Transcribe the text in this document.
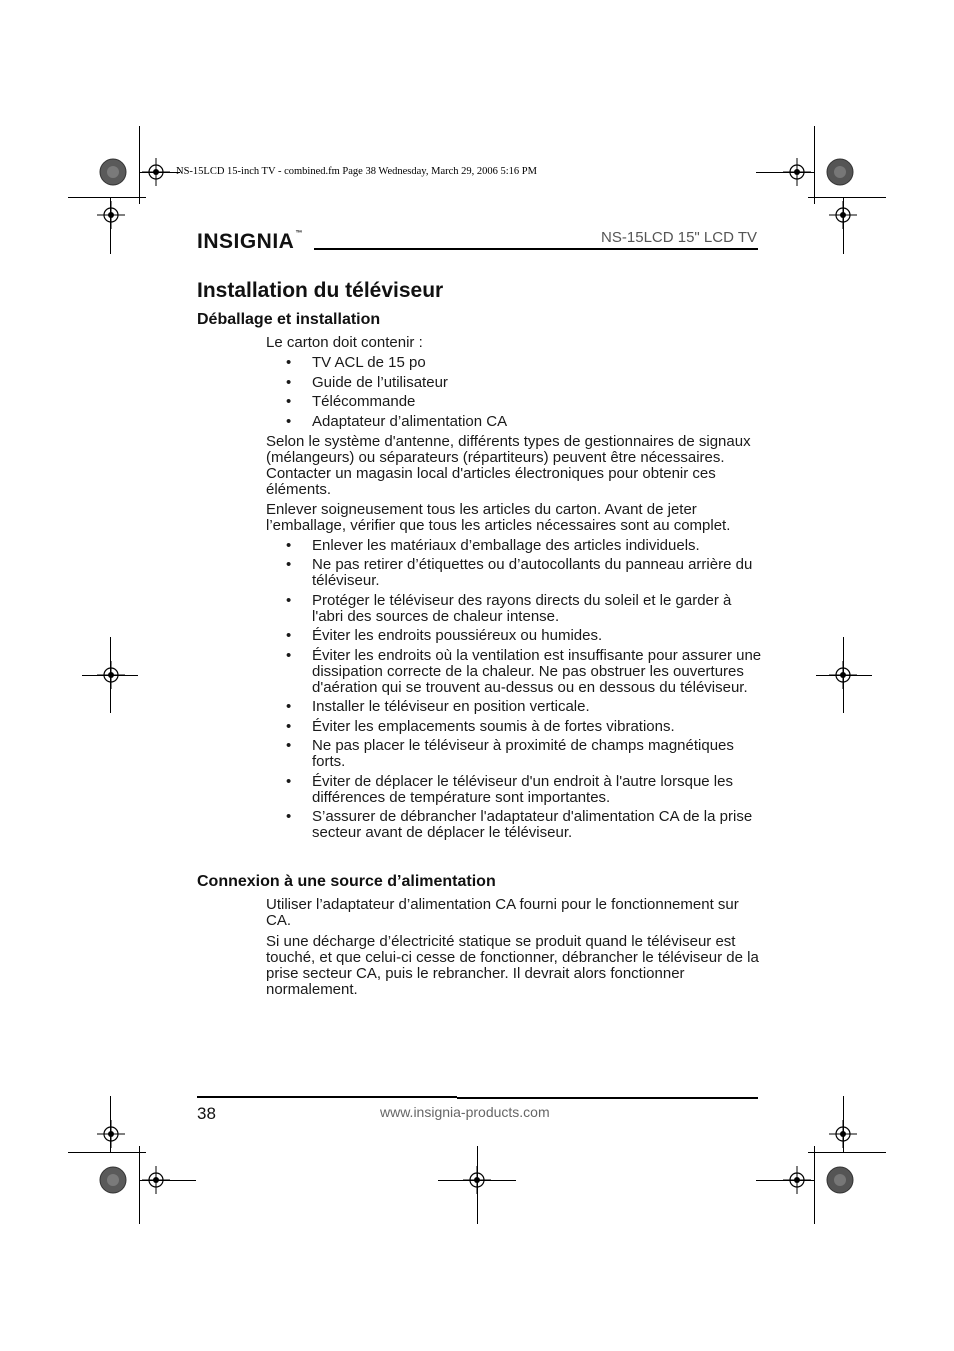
NS-15LCD 15-inch TV - combined.fm Page 38 Wednesday, March 29, 2006 5:16 PM
INSIGNIA™	NS-15LCD 15" LCD TV
Installation du téléviseur
Déballage et installation

Le carton doit contenir :

• TV ACL de 15 po
• Guide de l’utilisateur
• Télécommande
• Adaptateur d’alimentation CA

Selon le système d'antenne, différents types de gestionnaires de signaux (mélangeurs) ou séparateurs (répartiteurs) peuvent être nécessaires. Contacter un magasin local d'articles électroniques pour obtenir ces éléments.

Enlever soigneusement tous les articles du carton. Avant de jeter l’emballage, vérifier que tous les articles nécessaires sont au complet.

• Enlever les matériaux d’emballage des articles individuels.
• Ne pas retirer d’étiquettes ou d’autocollants du panneau arrière du téléviseur.
• Protéger le téléviseur des rayons directs du soleil et le garder à l'abri des sources de chaleur intense.
• Éviter les endroits poussiéreux ou humides.
• Éviter les endroits où la ventilation est insuffisante pour assurer une dissipation correcte de la chaleur. Ne pas obstruer les ouvertures d'aération qui se trouvent au-dessus ou en dessous du téléviseur.
• Installer le téléviseur en position verticale.
• Éviter les emplacements soumis à de fortes vibrations.
• Ne pas placer le téléviseur à proximité de champs magnétiques forts.
• Éviter de déplacer le téléviseur d'un endroit à l'autre lorsque les différences de température sont importantes.
• S’assurer de débrancher l'adaptateur d'alimentation CA de la prise secteur avant de déplacer le téléviseur.
Connexion à une source d’alimentation

Utiliser l’adaptateur d’alimentation CA fourni pour le fonctionnement sur CA.

Si une décharge d’électricité statique se produit quand le téléviseur est touché, et que celui-ci cesse de fonctionner, débrancher le téléviseur de la prise secteur CA, puis le rebrancher. Il devrait alors fonctionner normalement.

38	www.insignia-products.com
